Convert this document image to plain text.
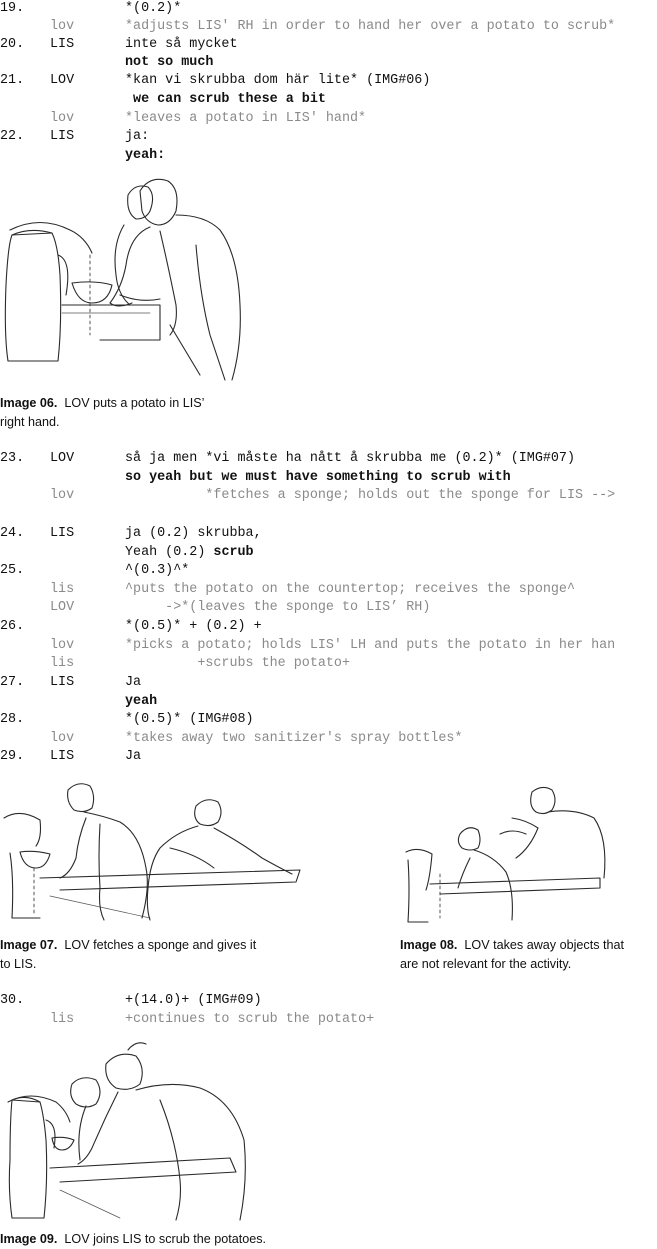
19.	*(0.2)*
lov	*adjusts LIS' RH in order to hand her over a potato to scrub*
20. LIS	inte så mycket
not so much
21. LOV	*kan vi skrubba dom här lite* (IMG#06)
we can scrub these a bit
lov	*leaves a potato in LIS' hand*
22. LIS	ja:
yeah:
23. LOV	så ja men *vi måste ha nått å skrubba me (0.2)* (IMG#07)
so yeah but we must have something to scrub with
lov	*fetches a sponge; holds out the sponge for LIS -->
24. LIS	ja (0.2) skrubba,
Yeah (0.2) scrub
25.	^(0.3)^*
lis	^puts the potato on the countertop; receives the sponge^
LOV	->*(leaves the sponge to LIS’ RH)
26.	*(0.5)* + (0.2) +
lov	*picks a potato; holds LIS' LH and puts the potato in her han
lis	+scrubs the potato+
27. LIS	Ja
yeah
28.	*(0.5)* (IMG#08)
lov	*takes away two sanitizer's spray bottles*
29. LIS	Ja
30.	+(14.0)+ (IMG#09)
lis	+continues to scrub the potato+
Image 06. LOV puts a potato in LIS’
right hand.
Image 07. LOV fetches a sponge and gives it
to LIS.
Image 08. LOV takes away objects that
are not relevant for the activity.
Image 09. LOV joins LIS to scrub the potatoes.
